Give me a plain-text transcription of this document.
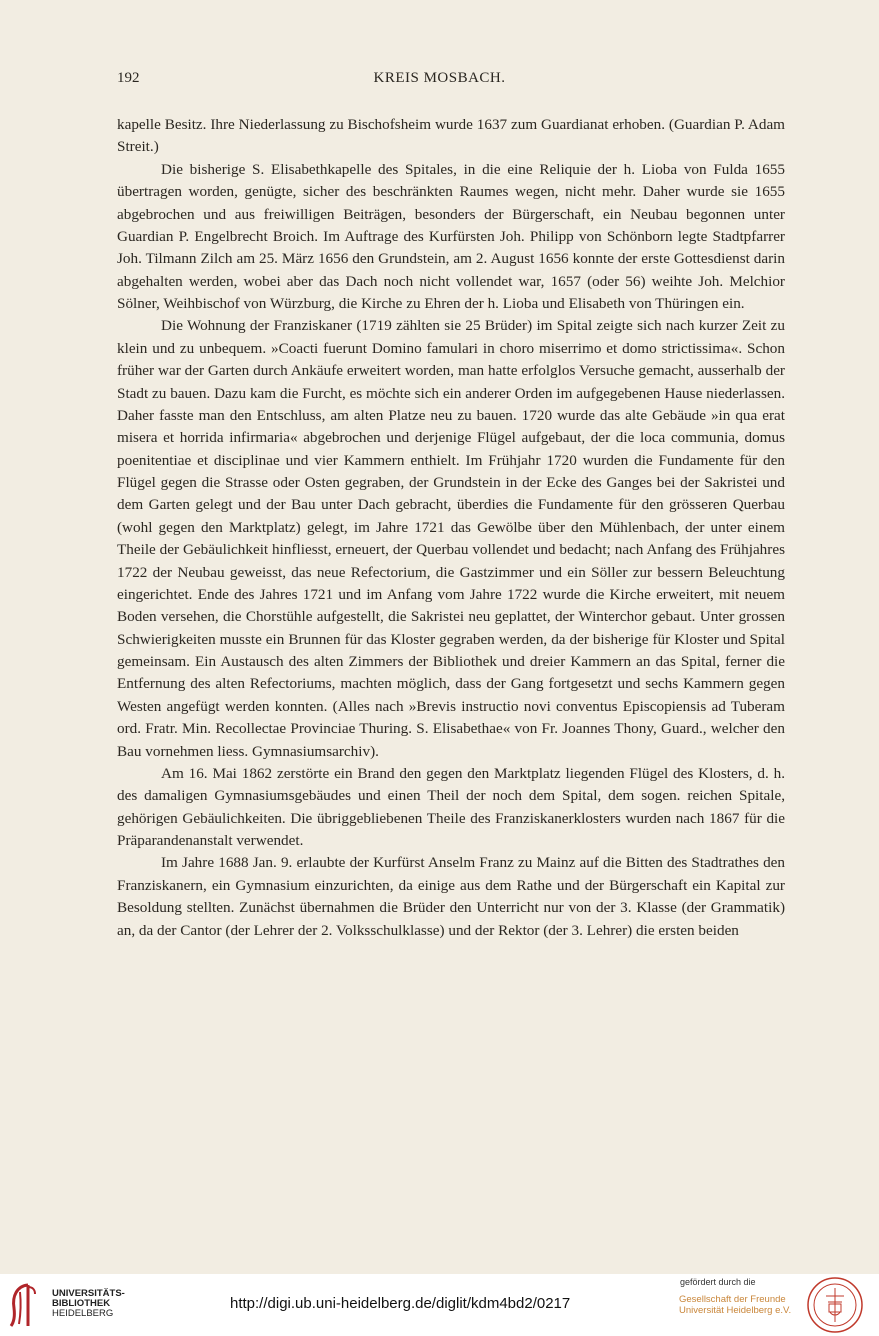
192	KREIS MOSBACH.

kapelle Besitz. Ihre Niederlassung zu Bischofsheim wurde 1637 zum Guardianat erhoben. (Guardian P. Adam Streit.)

Die bisherige S. Elisabethkapelle des Spitales, in die eine Reliquie der h. Lioba von Fulda 1655 übertragen worden, genügte, sicher des beschränkten Raumes wegen, nicht mehr. Daher wurde sie 1655 abgebrochen und aus freiwilligen Beiträgen, besonders der Bürgerschaft, ein Neubau begonnen unter Guardian P. Engelbrecht Broich. Im Auftrage des Kurfürsten Joh. Philipp von Schönborn legte Stadtpfarrer Joh. Tilmann Zilch am 25. März 1656 den Grundstein, am 2. August 1656 konnte der erste Gottesdienst darin abgehalten werden, wobei aber das Dach noch nicht vollendet war, 1657 (oder 56) weihte Joh. Melchior Sölner, Weihbischof von Würzburg, die Kirche zu Ehren der h. Lioba und Elisabeth von Thüringen ein.

Die Wohnung der Franziskaner (1719 zählten sie 25 Brüder) im Spital zeigte sich nach kurzer Zeit zu klein und zu unbequem. »Coacti fuerunt Domino famulari in choro miserrimo et domo strictissima«. Schon früher war der Garten durch Ankäufe erweitert worden, man hatte erfolglos Versuche gemacht, ausserhalb der Stadt zu bauen. Dazu kam die Furcht, es möchte sich ein anderer Orden im aufgegebenen Hause niederlassen. Daher fasste man den Entschluss, am alten Platze neu zu bauen. 1720 wurde das alte Gebäude »in qua erat misera et horrida infirmaria« abgebrochen und derjenige Flügel aufgebaut, der die loca communia, domus poenitentiae et disciplinae und vier Kammern enthielt. Im Frühjahr 1720 wurden die Fundamente für den Flügel gegen die Strasse oder Osten gegraben, der Grundstein in der Ecke des Ganges bei der Sakristei und dem Garten gelegt und der Bau unter Dach gebracht, überdies die Fundamente für den grösseren Querbau (wohl gegen den Marktplatz) gelegt, im Jahre 1721 das Gewölbe über den Mühlenbach, der unter einem Theile der Gebäulichkeit hinfliesst, erneuert, der Querbau vollendet und bedacht; nach Anfang des Frühjahres 1722 der Neubau geweisst, das neue Refectorium, die Gastzimmer und ein Söller zur bessern Beleuchtung eingerichtet. Ende des Jahres 1721 und im Anfang vom Jahre 1722 wurde die Kirche erweitert, mit neuem Boden versehen, die Chorstühle aufgestellt, die Sakristei neu geplattet, der Winterchor gebaut. Unter grossen Schwierigkeiten musste ein Brunnen für das Kloster gegraben werden, da der bisherige für Kloster und Spital gemeinsam. Ein Austausch des alten Zimmers der Bibliothek und dreier Kammern an das Spital, ferner die Entfernung des alten Refectoriums, machten möglich, dass der Gang fortgesetzt und sechs Kammern gegen Westen angefügt werden konnten. (Alles nach »Brevis instructio novi conventus Episcopiensis ad Tuberam ord. Fratr. Min. Recollectae Provinciae Thuring. S. Elisabethae« von Fr. Joannes Thony, Guard., welcher den Bau vornehmen liess. Gymnasiumsarchiv).

Am 16. Mai 1862 zerstörte ein Brand den gegen den Marktplatz liegenden Flügel des Klosters, d. h. des damaligen Gymnasiumsgebäudes und einen Theil der noch dem Spital, dem sogen. reichen Spitale, gehörigen Gebäulichkeiten. Die übriggebliebenen Theile des Franziskanerklosters wurden nach 1867 für die Präparandenanstalt verwendet.

Im Jahre 1688 Jan. 9. erlaubte der Kurfürst Anselm Franz zu Mainz auf die Bitten des Stadtrathes den Franziskanern, ein Gymnasium einzurichten, da einige aus dem Rathe und der Bürgerschaft ein Kapital zur Besoldung stellten. Zunächst übernahmen die Brüder den Unterricht nur von der 3. Klasse (der Grammatik) an, da der Cantor (der Lehrer der 2. Volksschulklasse) und der Rektor (der 3. Lehrer) die ersten beiden

UNIVERSITÄTS-
BIBLIOTHEK
HEIDELBERG
http://digi.ub.uni-heidelberg.de/diglit/kdm4bd2/0217
gefördert durch die
Gesellschaft der Freunde
Universität Heidelberg e.V.
